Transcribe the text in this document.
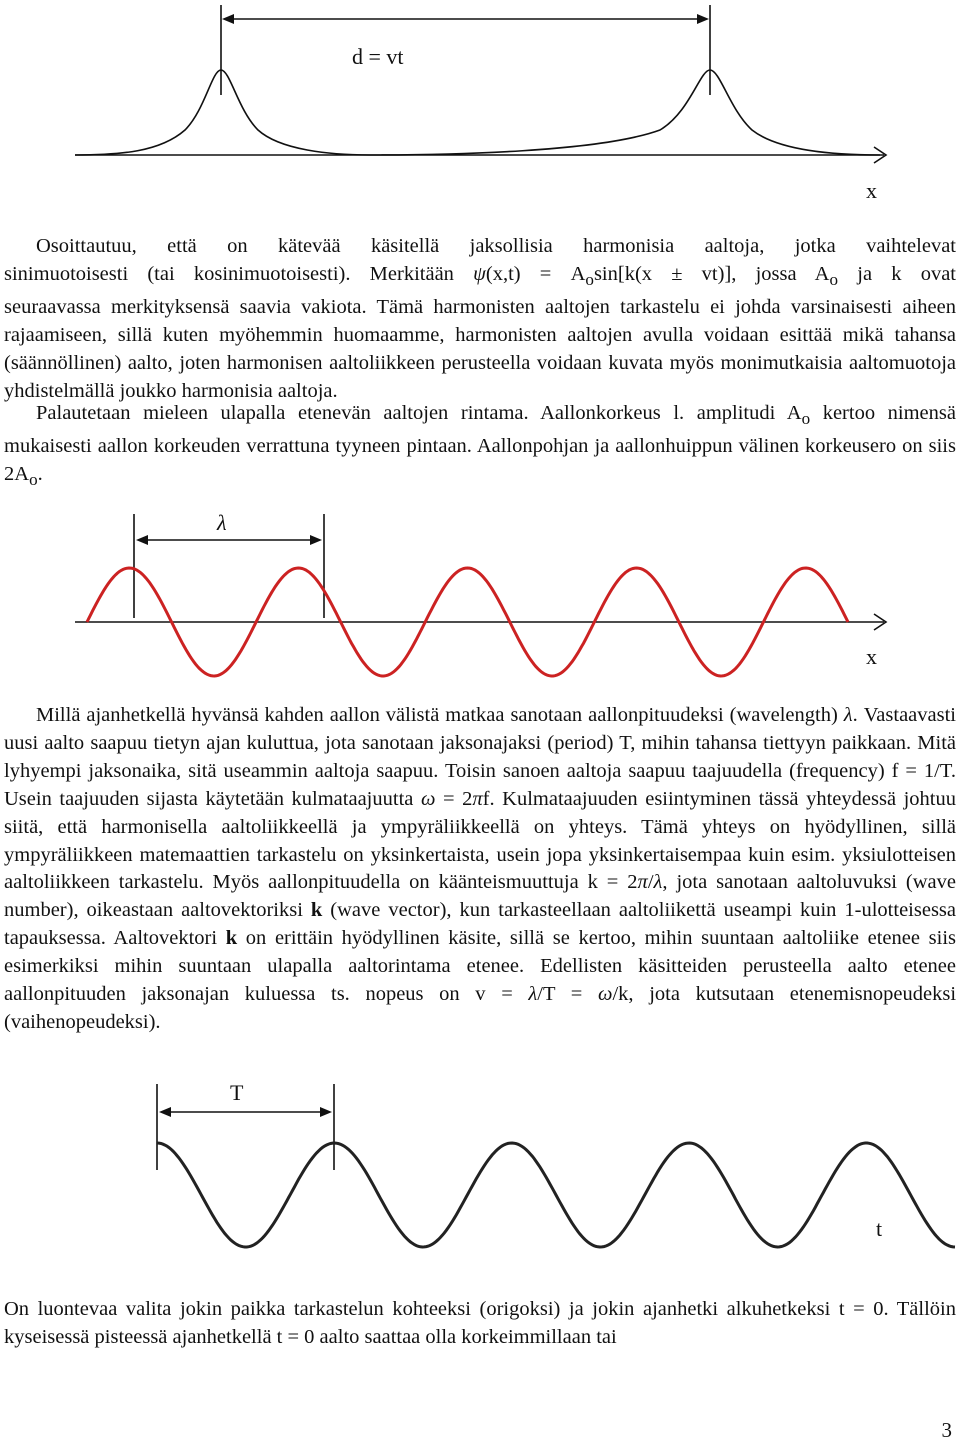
d = vt
x

Osoittautuu, että on kätevää käsitellä jaksollisia harmonisia aaltoja, jotka vaihtelevat

sinimuotoisesti (tai kosinimuotoisesti). Merkitään $\psi(x,t) = A_o\sin[k(x \pm vt)]$, jossa $A_o$ ja k ovat

seuraavassa merkityksensä saavia vakiota. Tämä harmonisten aaltojen tarkastelu ei johda varsinaisesti aiheen rajaamiseen, sillä kuten myöhemmin huomaamme, harmonisten aaltojen avulla voidaan esittää mikä tahansa (säännöllinen) aalto, joten harmonisen aaltoliikkeen perusteella voidaan kuvata myös monimutkaisia aaltomuotoja yhdistelmällä joukko harmonisia aaltoja.

Palautetaan mieleen ulapalla etenevän aaltojen rintama. Aallonkorkeus l. amplitudi $A_o$ kertoo nimensä mukaisesti aallon korkeuden verrattuna tyyneen pintaan. Aallonpohjan ja aallonhuippun välinen korkeusero on siis $2A_o$.

λ
x

Millä ajanhetkellä hyvänsä kahden aallon välistä matkaa sanotaan aallonpituudeksi (wavelength) λ. Vastaavasti uusi aalto saapuu tietyn ajan kuluttua, jota sanotaan jaksonajaksi (period) T, mihin tahansa tiettyyn paikkaan. Mitä lyhyempi jaksonaika, sitä useammin aaltoja saapuu. Toisin sanoen aaltoja saapuu taajuudella (frequency) f = 1/T. Usein taajuuden sijasta käytetään kulmataajuutta ω = 2πf. Kulmataajuuden esiintyminen tässä yhteydessä johtuu siitä, että harmonisella aaltoliikkeellä ja ympyräliikkeellä on yhteys. Tämä yhteys on hyödyllinen, sillä ympyräliikkeen matemaattien tarkastelu on yksinkertaista, usein jopa yksinkertaisempaa kuin esim. yksiulotteisen aaltoliikkeen tarkastelu. Myös aallonpituudella on käänteismuuttuja k = 2π/λ, jota sanotaan aaltoluvuksi (wave number), oikeastaan aaltovektoriksi k (wave vector), kun tarkasteellaan aaltoliikettä useampi kuin 1-ulotteisessa tapauksessa. Aaltovektori k on erittäin hyödyllinen käsite, sillä se kertoo, mihin suuntaan aaltoliike etenee siis esimerkiksi mihin suuntaan ulapalla aaltorintama etenee. Edellisten käsitteiden perusteella aalto etenee aallonpituuden jaksonajan kuluessa ts. nopeus on v = λ/T = ω/k, jota kutsutaan etenemisnopeudeksi (vaihenopeudeksi).

T
t

On luontevaa valita jokin paikka tarkastelun kohteeksi (origoksi) ja jokin ajanhetki alkuhetkeksi t = 0. Tällöin kyseisessä pisteessä ajanhetkellä t = 0 aalto saattaa olla korkeimmillaan tai

3
